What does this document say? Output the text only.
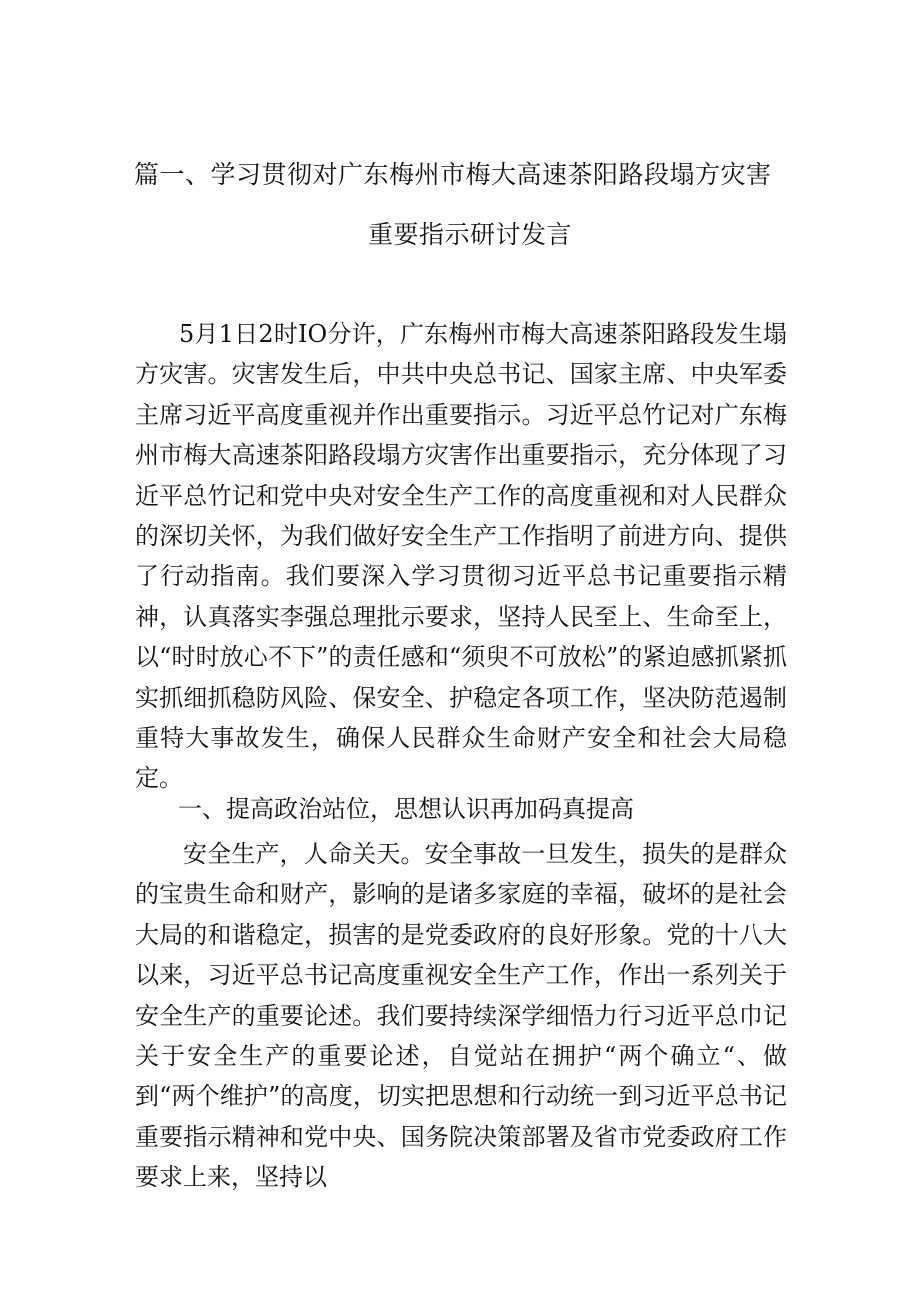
篇一、学习贯彻对广东梅州市梅大高速茶阳路段塌方灾害
重要指示研讨发言
5月1日2时IO分许，广东梅州市梅大高速茶阳路段发生塌方灾害。灾害发生后，中共中央总书记、国家主席、中央军委主席习近平高度重视并作出重要指示。习近平总竹记对广东梅州市梅大高速茶阳路段塌方灾害作出重要指示，充分体现了习近平总竹记和党中央对安全生产工作的高度重视和对人民群众的深切关怀，为我们做好安全生产工作指明了前进方向、提供了行动指南。我们要深入学习贯彻习近平总书记重要指示精神，认真落实李强总理批示要求，坚持人民至上、生命至上，以“时时放心不下”的责任感和“须臾不可放松”的紧迫感抓紧抓实抓细抓稳防风险、保安全、护稳定各项工作，坚决防范遏制重特大事故发生，确保人民群众生命财产安全和社会大局稳定。
一、提高政治站位，思想认识再加码真提高
安全生产，人命关天。安全事故一旦发生，损失的是群众的宝贵生命和财产，影响的是诸多家庭的幸福，破坏的是社会大局的和谐稳定，损害的是党委政府的良好形象。党的十八大以来，习近平总书记高度重视安全生产工作，作出一系列关于安全生产的重要论述。我们要持续深学细悟力行习近平总巾记关于安全生产的重要论述，自觉站在拥护“两个确立“、做到“两个维护”的高度，切实把思想和行动统一到习近平总书记重要指示精神和党中央、国务院决策部署及省市党委政府工作要求上来，坚持以
